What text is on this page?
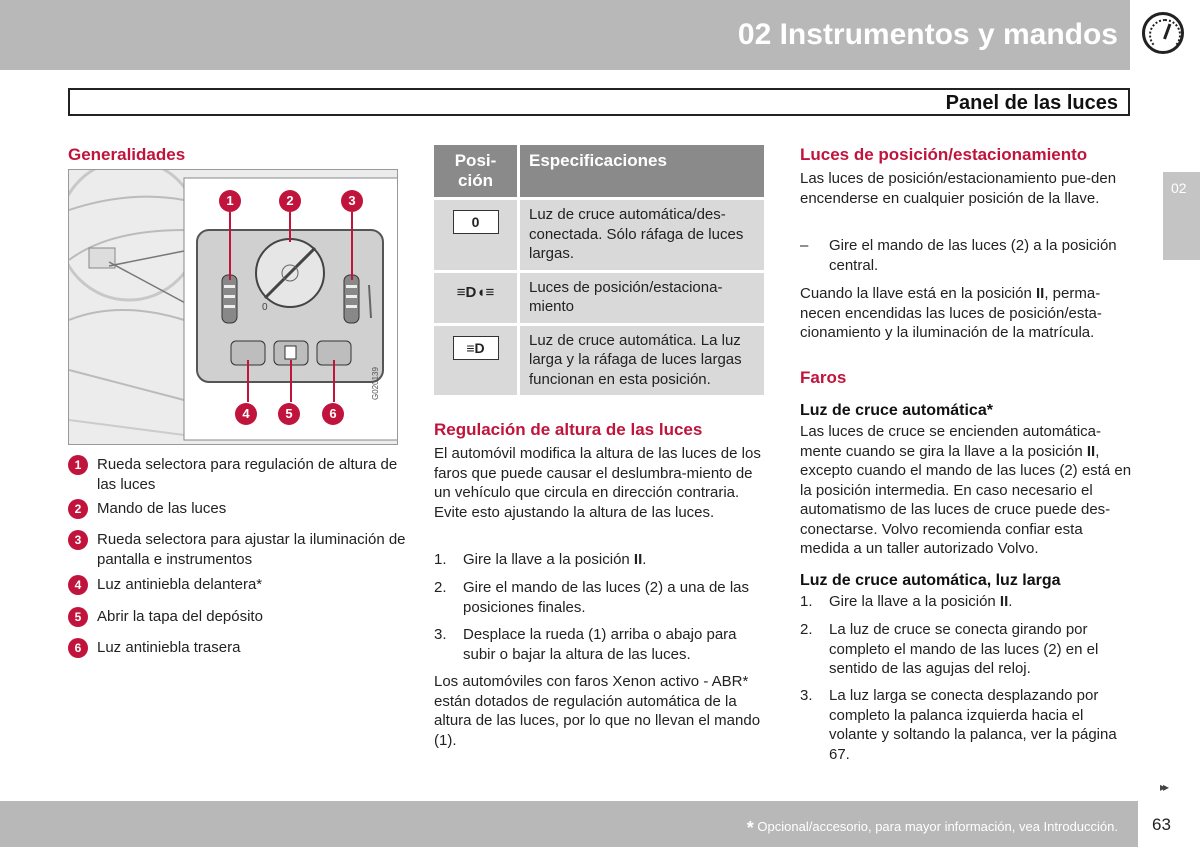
02 Instrumentos y mandos
Panel de las luces
02
Generalidades
0
1	2	3
4	5	6
G020139
1	Rueda selectora para regulación de altura de las luces
2	Mando de las luces
3	Rueda selectora para ajustar la iluminación de pantalla e instrumentos
4	Luz antiniebla delantera*
5	Abrir la tapa del depósito
6	Luz antiniebla trasera
Posi-
ción	Especificaciones
0	Luz de cruce automática/des-conectada. Sólo ráfaga de luces largas.
≡D◖≡	Luces de posición/estaciona-miento
≡D	Luz de cruce automática. La luz larga y la ráfaga de luces largas funcionan en esta posición.
Regulación de altura de las luces
El automóvil modifica la altura de las luces de los faros que puede causar el deslumbra-miento de un vehículo que circula en dirección contraria. Evite esto ajustando la altura de las luces.
1. Gire la llave a la posición II.
2. Gire el mando de las luces (2) a una de las posiciones finales.
3. Desplace la rueda (1) arriba o abajo para subir o bajar la altura de las luces.
Los automóviles con faros Xenon activo - ABR* están dotados de regulación automática de la altura de las luces, por lo que no llevan el mando (1).
Luces de posición/estacionamiento
Las luces de posición/estacionamiento pue-den encenderse en cualquier posición de la llave.
– Gire el mando de las luces (2) a la posición central.
Cuando la llave está en la posición II, perma-necen encendidas las luces de posición/esta-cionamiento y la iluminación de la matrícula.
Faros
Luz de cruce automática*
Las luces de cruce se encienden automática-mente cuando se gira la llave a la posición II, excepto cuando el mando de las luces (2) está en la posición intermedia. En caso necesario el automatismo de las luces de cruce puede des-conectarse. Volvo recomienda confiar esta medida a un taller autorizado Volvo.
Luz de cruce automática, luz larga
1. Gire la llave a la posición II.
2. La luz de cruce se conecta girando por completo el mando de las luces (2) en el sentido de las agujas del reloj.
3. La luz larga se conecta desplazando por completo la palanca izquierda hacia el volante y soltando la palanca, ver la página 67.
▸▸
* Opcional/accesorio, para mayor información, vea Introducción. 63
